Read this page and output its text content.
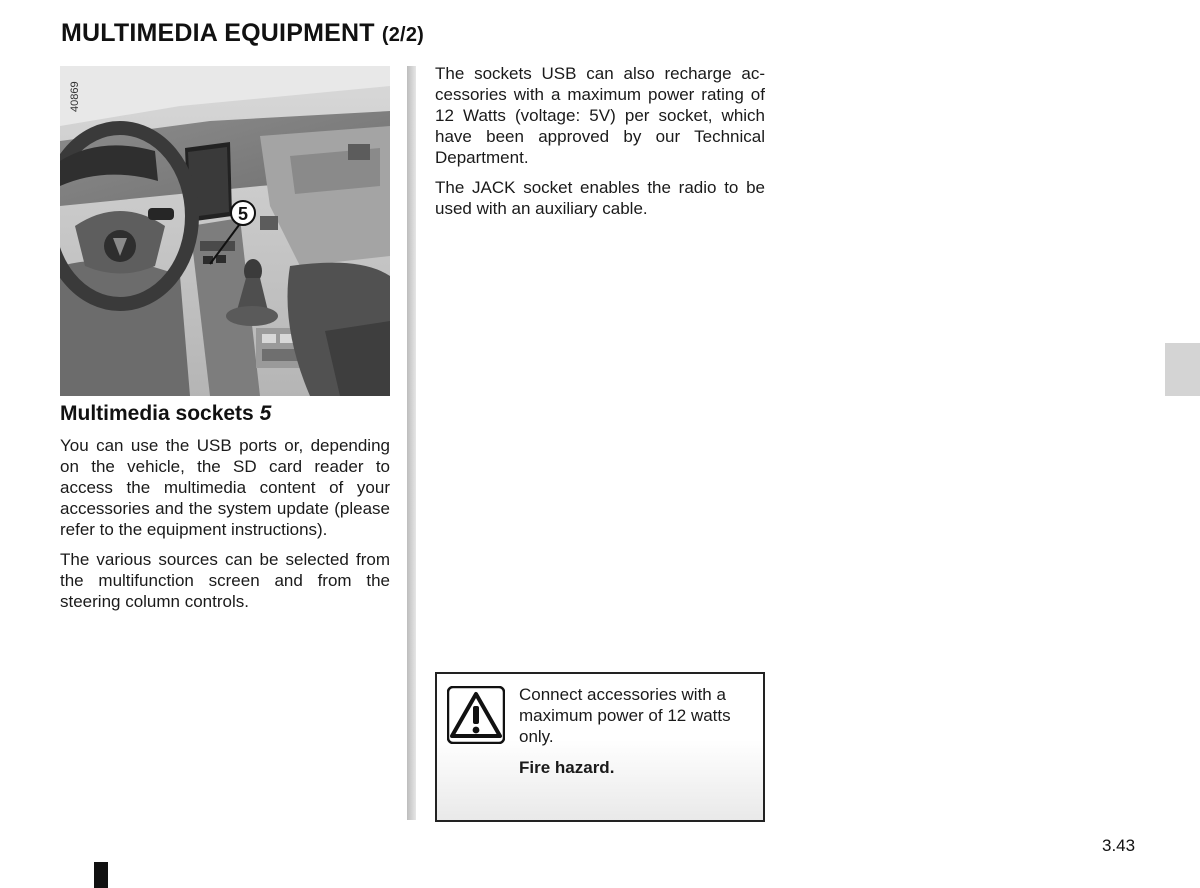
MULTIMEDIA EQUIPMENT (2/2)
5
40869
Multimedia sockets 5

You can use the USB ports or, depending on the vehicle, the SD card reader to access the multimedia content of your accessories and the system update (please refer to the equipment instructions).

The various sources can be selected from the multifunction screen and from the steering column controls.

The sockets USB can also recharge accessories with a maximum power rating of 12 Watts (voltage: 5V) per socket, which have been approved by our Technical Department.

The JACK socket enables the radio to be used with an auxiliary cable.

Connect accessories with a maximum power of 12 watts only.

Fire hazard.

3.43
